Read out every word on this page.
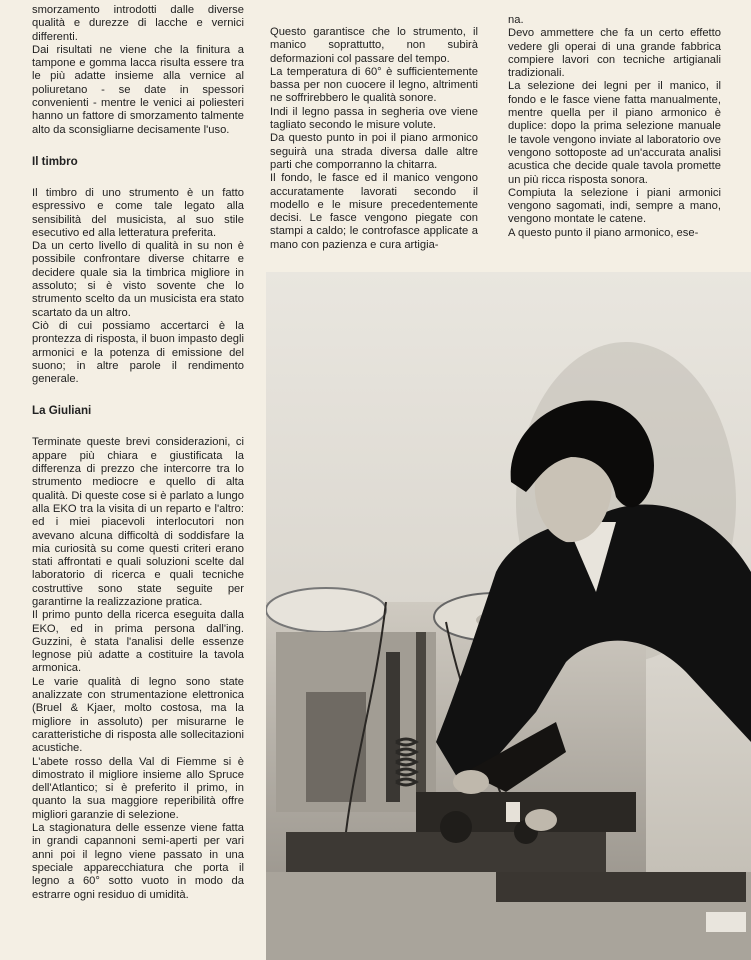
smorzamento introdotti dalle diverse qualità e durezze di lacche e vernici differenti.

Dai risultati ne viene che la finitura a tampone e gomma lacca risulta essere tra le più adatte insieme alla vernice al poliuretano - se date in spessori convenienti - mentre le venici ai poliesteri hanno un fattore di smorzamento talmente alto da sconsigliarne decisamente l'uso.

Il timbro

Il timbro di uno strumento è un fatto espressivo e come tale legato alla sensibilità del musicista, al suo stile esecutivo ed alla letteratura preferita.

Da un certo livello di qualità in su non è possibile confrontare diverse chitarre e decidere quale sia la timbrica migliore in assoluto; si è visto sovente che lo strumento scelto da un musicista era stato scartato da un altro.

Ciò di cui possiamo accertarci è la prontezza di risposta, il buon impasto degli armonici e la potenza di emissione del suono; in altre parole il rendimento generale.

La Giuliani

Terminate queste brevi considerazioni, ci appare più chiara e giustificata la differenza di prezzo che intercorre tra lo strumento mediocre e quello di alta qualità. Di queste cose si è parlato a lungo alla EKO tra la visita di un reparto e l'altro: ed i miei piacevoli interlocutori non avevano alcuna difficoltà di soddisfare la mia curiosità su come questi criteri erano stati affrontati e quali soluzioni scelte dal laboratorio di ricerca e quali tecniche costruttive sono state seguite per garantirne la realizzazione pratica.

Il primo punto della ricerca eseguita dalla EKO, ed in prima persona dall'ing. Guzzini, è stata l'analisi delle essenze legnose più adatte a costituire la tavola armonica.

Le varie qualità di legno sono state analizzate con strumentazione elettronica (Bruel & Kjaer, molto costosa, ma la migliore in assoluto) per misurarne le caratteristiche di risposta alle sollecitazioni acustiche.

L'abete rosso della Val di Fiemme si è dimostrato il migliore insieme allo Spruce dell'Atlantico; si è preferito il primo, in quanto la sua maggiore reperibilità offre migliori garanzie di selezione.

La stagionatura delle essenze viene fatta in grandi capannoni semi-aperti per vari anni poi il legno viene passato in una speciale apparecchiatura che porta il legno a 60° sotto vuoto in modo da estrarre ogni residuo di umidità.

Questo garantisce che lo strumento, il manico soprattutto, non subirà deformazioni col passare del tempo.

La temperatura di 60° è sufficientemente bassa per non cuocere il legno, altrimenti ne soffrirebbero le qualità sonore.

Indi il legno passa in segheria ove viene tagliato secondo le misure volute.

Da questo punto in poi il piano armonico seguirà una strada diversa dalle altre parti che comporranno la chitarra.

Il fondo, le fasce ed il manico vengono accuratamente lavorati secondo il modello e le misure precedentemente decisi. Le fasce vengono piegate con stampi a caldo; le controfasce applicate a mano con pazienza e cura artigia-

na.

Devo ammettere che fa un certo effetto vedere gli operai di una grande fabbrica compiere lavori con tecniche artigianali tradizionali.

La selezione dei legni per il manico, il fondo e le fasce viene fatta manualmente, mentre quella per il piano armonico è duplice: dopo la prima selezione manuale le tavole vengono inviate al laboratorio ove vengono sottoposte ad un'accurata analisi acustica che decide quale tavola promette un più ricca risposta sonora.

Compiuta la selezione i piani armonici vengono sagomati, indi, sempre a mano, vengono montate le catene.

A questo punto il piano armonico, ese-
